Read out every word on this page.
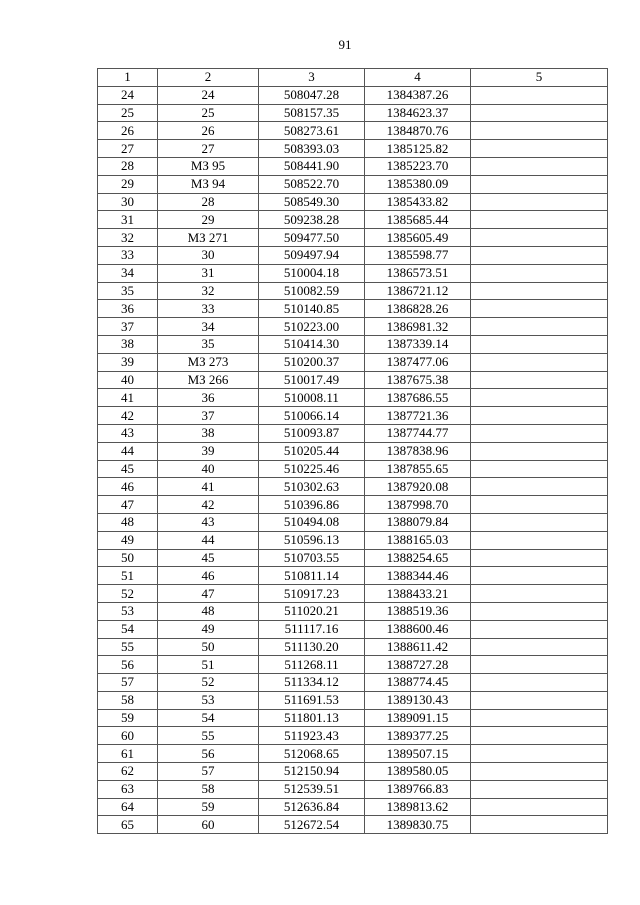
91
1	2	3	4	5
24	24	508047.28	1384387.26	
25	25	508157.35	1384623.37	
26	26	508273.61	1384870.76	
27	27	508393.03	1385125.82	
28	МЗ 95	508441.90	1385223.70	
29	МЗ 94	508522.70	1385380.09	
30	28	508549.30	1385433.82	
31	29	509238.28	1385685.44	
32	МЗ 271	509477.50	1385605.49	
33	30	509497.94	1385598.77	
34	31	510004.18	1386573.51	
35	32	510082.59	1386721.12	
36	33	510140.85	1386828.26	
37	34	510223.00	1386981.32	
38	35	510414.30	1387339.14	
39	МЗ 273	510200.37	1387477.06	
40	МЗ 266	510017.49	1387675.38	
41	36	510008.11	1387686.55	
42	37	510066.14	1387721.36	
43	38	510093.87	1387744.77	
44	39	510205.44	1387838.96	
45	40	510225.46	1387855.65	
46	41	510302.63	1387920.08	
47	42	510396.86	1387998.70	
48	43	510494.08	1388079.84	
49	44	510596.13	1388165.03	
50	45	510703.55	1388254.65	
51	46	510811.14	1388344.46	
52	47	510917.23	1388433.21	
53	48	511020.21	1388519.36	
54	49	511117.16	1388600.46	
55	50	511130.20	1388611.42	
56	51	511268.11	1388727.28	
57	52	511334.12	1388774.45	
58	53	511691.53	1389130.43	
59	54	511801.13	1389091.15	
60	55	511923.43	1389377.25	
61	56	512068.65	1389507.15	
62	57	512150.94	1389580.05	
63	58	512539.51	1389766.83	
64	59	512636.84	1389813.62	
65	60	512672.54	1389830.75	
